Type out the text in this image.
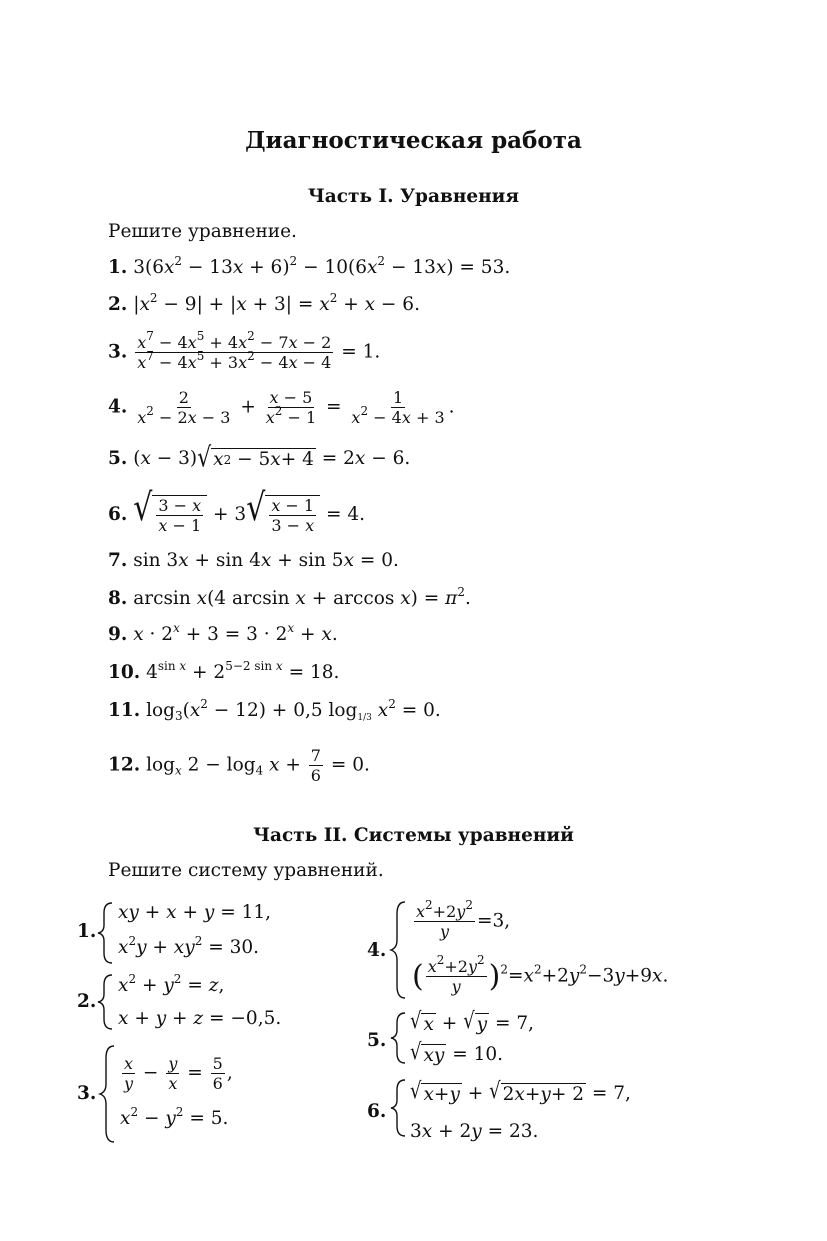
Диагностическая работа
Часть I. Уравнения
Решите уравнение.
1. $3(6x^2 - 13x + 6)^2 - 10(6x^2 - 13x) = 53$.
2. $|x^2 - 9| + |x + 3| = x^2 + x - 6$.
3. $\frac{x^7 - 4x^5 + 4x^2 - 7x - 2}{x^7 - 4x^5 + 3x^2 - 4x - 4} = 1$.
4. $\frac{2}{x^2 - 2x - 3} + \frac{x - 5}{x^2 - 1} = \frac{1}{x^2 - 4x + 3}$ .
5. (x − 3) √ x 2 − 5 x + 4 = 2x − 6.
6. √ $\frac{3 - x}{x - 1} + 3$ √ $\frac{x - 1}{3 - x} = 4$.
7. sin 3x + sin 4x + sin 5x = 0.
8. arcsin x(4 $\arcsin x + \arccos x) = \pi^2$.
9. $x \cdot 2^x + 3 = 3 \cdot 2^x + x$.
10. $4^{sin x} + 2^{5-2 sin x} = 18$.
11. $\log_3(x^2 - 12) + 0,5$ $\log_{1/3} x^2 = 0$.
12. $\log_x 2 - \log_4 x + \frac{7}{6} = 0$.
Часть II. Системы уравнений
Решите систему уравнений.
1.
xy + x + y = 11,
$x^2y + xy^2 = 30$.
2.
$x^2 + y^2 = z$,
x + y + z = −0,5.
3.
$\frac{x}{y} - \frac{y}{x} = \frac{5}{6}$ ,
$x^2 - y^2 = 5$.
4.
$\frac{x^2+2y^2}{y} =3$,
( $\frac{x^2+2y^2}{y} )^2=x^2+2y^2-3y+9x$.
5.
√ x + √ y = 7,
√ xy = 10.
6.
√ x + y + √ 2 x + y + 2 = 7,
3x + 2y = 23.
